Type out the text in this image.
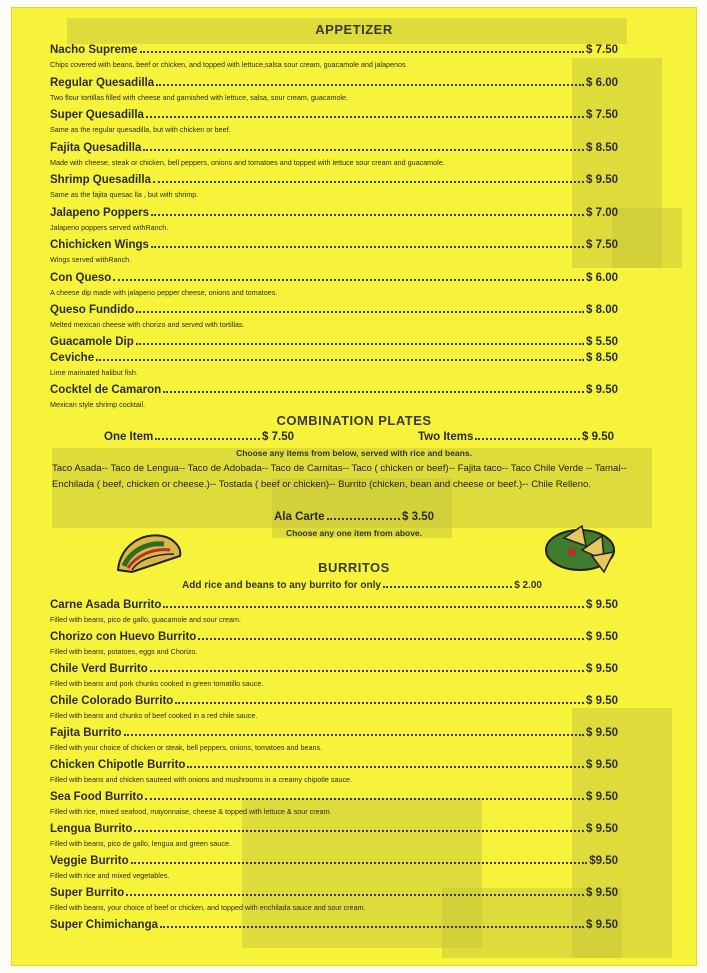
APPETIZER
Nacho Supreme	$ 7.50
Chips covered with beans, beef or chicken, and topped with lettuce,salsa sour cream, guacamole and jalapenos
Regular Quesadilla	$ 6.00
Two flour tortillas filled with cheese and garnished with lettuce, salsa, sour cream, guacamole.
Super Quesadilla	$ 7.50
Same as the regular quesadilla, but with chicken or beef.
Fajita Quesadilla	$ 8.50
Made with cheese, steak or chicken, bell peppers, onions and tomatoes and topped with lettuce sour cream and guacamole.
Shrimp Quesadilla	$ 9.50
Same as the fajita quesac lla , but with shrimp.
Jalapeno Poppers	$ 7.00
Jalapeno poppers served withRanch.
Chichicken Wings	$ 7.50
Wings served withRanch.
Con Queso	$ 6.00
A cheese dip made with jalapeno pepper cheese, onions and tomatoes.
Queso Fundido	$ 8.00
Melted mexican cheese with chorizo and served with tortillas.
Guacamole Dip	$ 5.50
Ceviche	$ 8.50
Lime marinated halibut fish.
Cocktel de Camaron	$ 9.50
Mexican style shrimp cocktail.
COMBINATION PLATES
One Item	$ 7.50	Two Items	$ 9.50
Choose any items from below, served with rice and beans.
Taco Asada-- Taco de Lengua-- Taco de Adobada-- Taco de Carnitas-- Taco ( chicken or beef)-- Fajita taco-- Taco Chile Verde -- Tamal-- Enchilada ( beef, chicken or cheese.)-- Tostada ( beef or chicken)-- Burrito (chicken, bean and cheese or beef.)-- Chile Relleno.
Ala Carte	$ 3.50
Choose any one item from above.
BURRITOS
Add rice and beans to any burrito for only	$ 2.00
Carne Asada Burrito	$ 9.50
Filled with beans, pico de gallo, guacamole and sour cream.
Chorizo con Huevo Burrito	$ 9.50
Filled with beans, potatoes, eggs and Chorizo.
Chile Verd Burrito	$ 9.50
Filled with beans and pork chunks cooked in green tomatillo sauce.
Chile Colorado Burrito	$ 9.50
Filled with beans and chunks of beef cooked in a red chile sauce.
Fajita Burrito	$ 9.50
Filled with your choice of chicken or steak, bell peppers, onions, tomatoes and beans.
Chicken Chipotle Burrito	$ 9.50
Filled with beans and chicken sauteed with onions and mushrooms in a creamy chipotle sauce.
Sea Food Burrito	$ 9.50
Filled with rice, mixed seafood, mayonnaise, cheese & topped with lettuce & sour cream.
Lengua Burrito	$ 9.50
Filled with beans, pico de gallo, lengua and green sauce.
Veggie Burrito	$9.50
Filled with rice and mixed vegetables.
Super Burrito	$ 9.50
Filled with beans, your choice of beef or chicken, and topped with enchilada sauce and sour cream.
Super Chimichanga	$ 9.50
